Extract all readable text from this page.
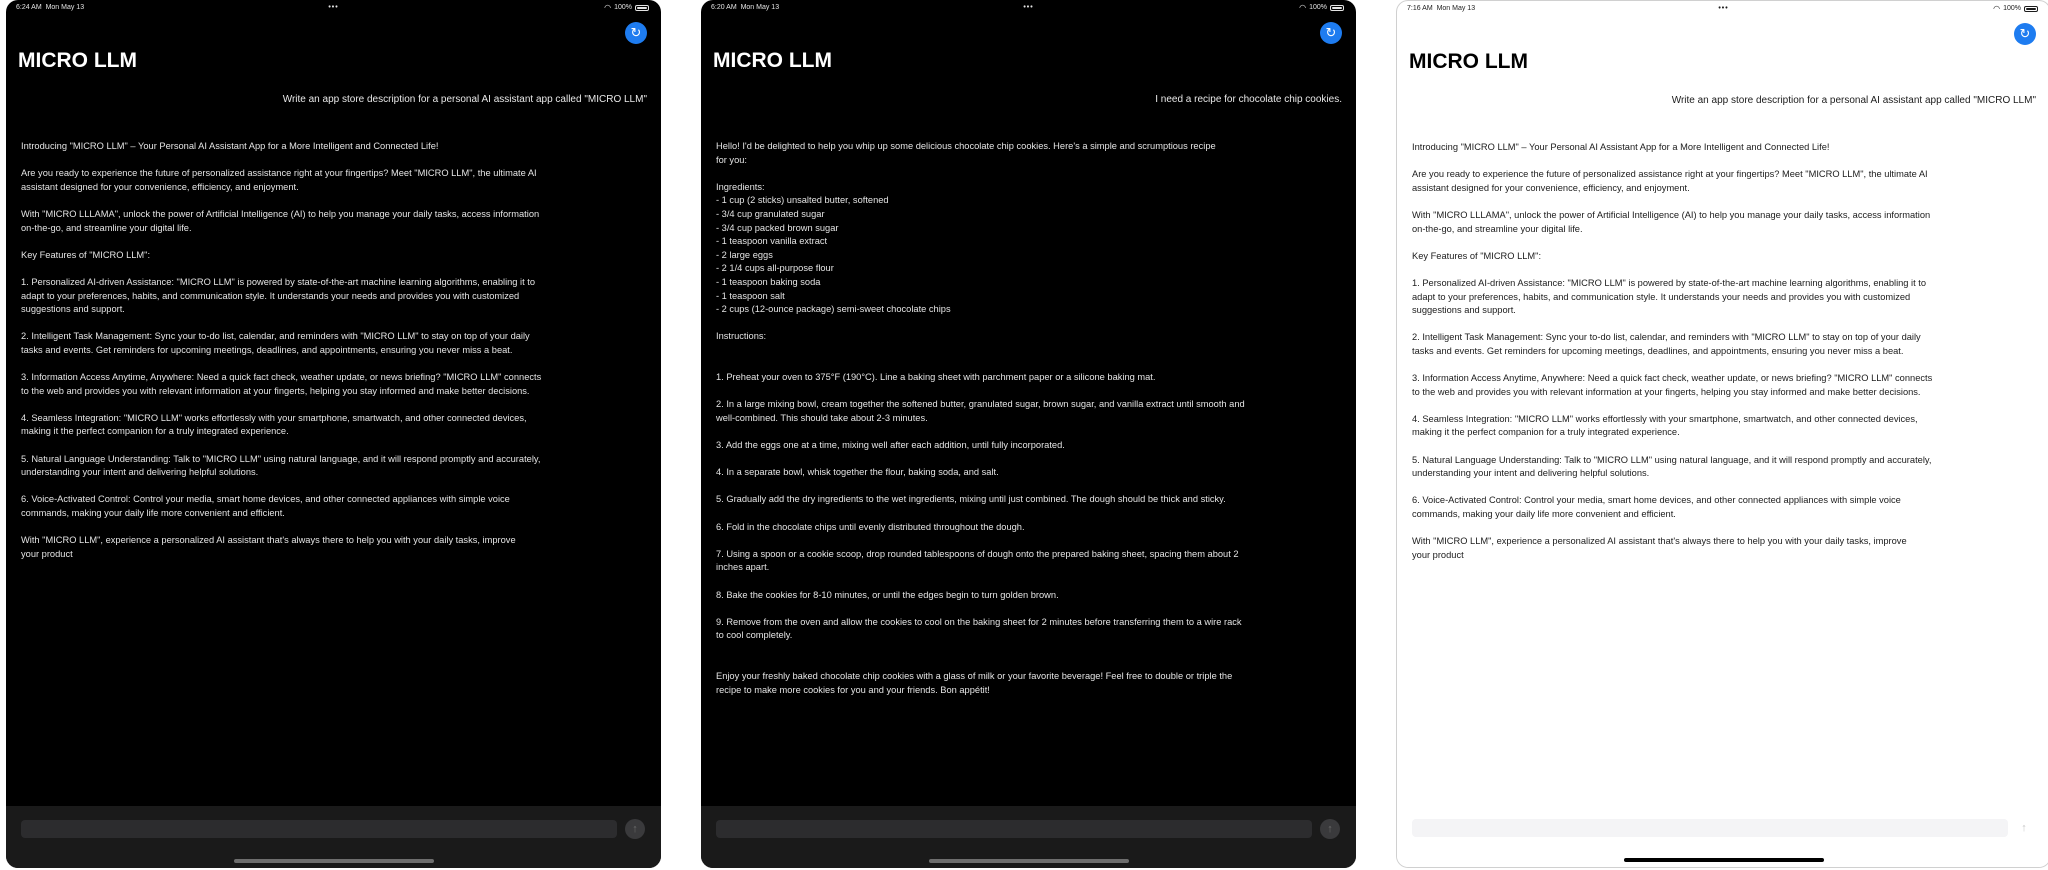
6:24 AM Mon May 13	•••	◠ 100%
↻
MICRO LLM
Write an app store description for a personal AI assistant app called "MICRO LLM"

Introducing "MICRO LLM" – Your Personal AI Assistant App for a More Intelligent and Connected Life!

Are you ready to experience the future of personalized assistance right at your fingertips? Meet "MICRO LLM", the ultimate AI
assistant designed for your convenience, efficiency, and enjoyment.

With "MICRO LLLAMA", unlock the power of Artificial Intelligence (AI) to help you manage your daily tasks, access information
on-the-go, and streamline your digital life.

Key Features of "MICRO LLM":

1. Personalized AI-driven Assistance: "MICRO LLM" is powered by state-of-the-art machine learning algorithms, enabling it to
adapt to your preferences, habits, and communication style. It understands your needs and provides you with customized
suggestions and support.

2. Intelligent Task Management: Sync your to-do list, calendar, and reminders with "MICRO LLM" to stay on top of your daily
tasks and events. Get reminders for upcoming meetings, deadlines, and appointments, ensuring you never miss a beat.

3. Information Access Anytime, Anywhere: Need a quick fact check, weather update, or news briefing? "MICRO LLM" connects
to the web and provides you with relevant information at your fingerts, helping you stay informed and make better decisions.

4. Seamless Integration: "MICRO LLM" works effortlessly with your smartphone, smartwatch, and other connected devices,
making it the perfect companion for a truly integrated experience.

5. Natural Language Understanding: Talk to "MICRO LLM" using natural language, and it will respond promptly and accurately,
understanding your intent and delivering helpful solutions.

6. Voice-Activated Control: Control your media, smart home devices, and other connected appliances with simple voice
commands, making your daily life more convenient and efficient.

With "MICRO LLM", experience a personalized AI assistant that's always there to help you with your daily tasks, improve
your product

↑
6:20 AM Mon May 13	•••	◠ 100%
↻
MICRO LLM
I need a recipe for chocolate chip cookies.

Hello! I'd be delighted to help you whip up some delicious chocolate chip cookies. Here's a simple and scrumptious recipe
for you:

Ingredients:

- 1 cup (2 sticks) unsalted butter, softened
- 3/4 cup granulated sugar
- 3/4 cup packed brown sugar
- 1 teaspoon vanilla extract
- 2 large eggs
- 2 1/4 cups all-purpose flour
- 1 teaspoon baking soda
- 1 teaspoon salt
- 2 cups (12-ounce package) semi-sweet chocolate chips

Instructions:

1. Preheat your oven to 375°F (190°C). Line a baking sheet with parchment paper or a silicone baking mat.

2. In a large mixing bowl, cream together the softened butter, granulated sugar, brown sugar, and vanilla extract until smooth and
well-combined. This should take about 2-3 minutes.

3. Add the eggs one at a time, mixing well after each addition, until fully incorporated.

4. In a separate bowl, whisk together the flour, baking soda, and salt.

5. Gradually add the dry ingredients to the wet ingredients, mixing until just combined. The dough should be thick and sticky.

6. Fold in the chocolate chips until evenly distributed throughout the dough.

7. Using a spoon or a cookie scoop, drop rounded tablespoons of dough onto the prepared baking sheet, spacing them about 2
inches apart.

8. Bake the cookies for 8-10 minutes, or until the edges begin to turn golden brown.

9. Remove from the oven and allow the cookies to cool on the baking sheet for 2 minutes before transferring them to a wire rack
to cool completely.

Enjoy your freshly baked chocolate chip cookies with a glass of milk or your favorite beverage! Feel free to double or triple the
recipe to make more cookies for you and your friends. Bon appétit!

↑
7:16 AM Mon May 13	•••	◠ 100%
↻
MICRO LLM
Write an app store description for a personal AI assistant app called "MICRO LLM"

Introducing "MICRO LLM" – Your Personal AI Assistant App for a More Intelligent and Connected Life!

Are you ready to experience the future of personalized assistance right at your fingertips? Meet "MICRO LLM", the ultimate AI
assistant designed for your convenience, efficiency, and enjoyment.

With "MICRO LLLAMA", unlock the power of Artificial Intelligence (AI) to help you manage your daily tasks, access information
on-the-go, and streamline your digital life.

Key Features of "MICRO LLM":

1. Personalized AI-driven Assistance: "MICRO LLM" is powered by state-of-the-art machine learning algorithms, enabling it to
adapt to your preferences, habits, and communication style. It understands your needs and provides you with customized
suggestions and support.

2. Intelligent Task Management: Sync your to-do list, calendar, and reminders with "MICRO LLM" to stay on top of your daily
tasks and events. Get reminders for upcoming meetings, deadlines, and appointments, ensuring you never miss a beat.

3. Information Access Anytime, Anywhere: Need a quick fact check, weather update, or news briefing? "MICRO LLM" connects
to the web and provides you with relevant information at your fingerts, helping you stay informed and make better decisions.

4. Seamless Integration: "MICRO LLM" works effortlessly with your smartphone, smartwatch, and other connected devices,
making it the perfect companion for a truly integrated experience.

5. Natural Language Understanding: Talk to "MICRO LLM" using natural language, and it will respond promptly and accurately,
understanding your intent and delivering helpful solutions.

6. Voice-Activated Control: Control your media, smart home devices, and other connected appliances with simple voice
commands, making your daily life more convenient and efficient.

With "MICRO LLM", experience a personalized AI assistant that's always there to help you with your daily tasks, improve
your product

↑
